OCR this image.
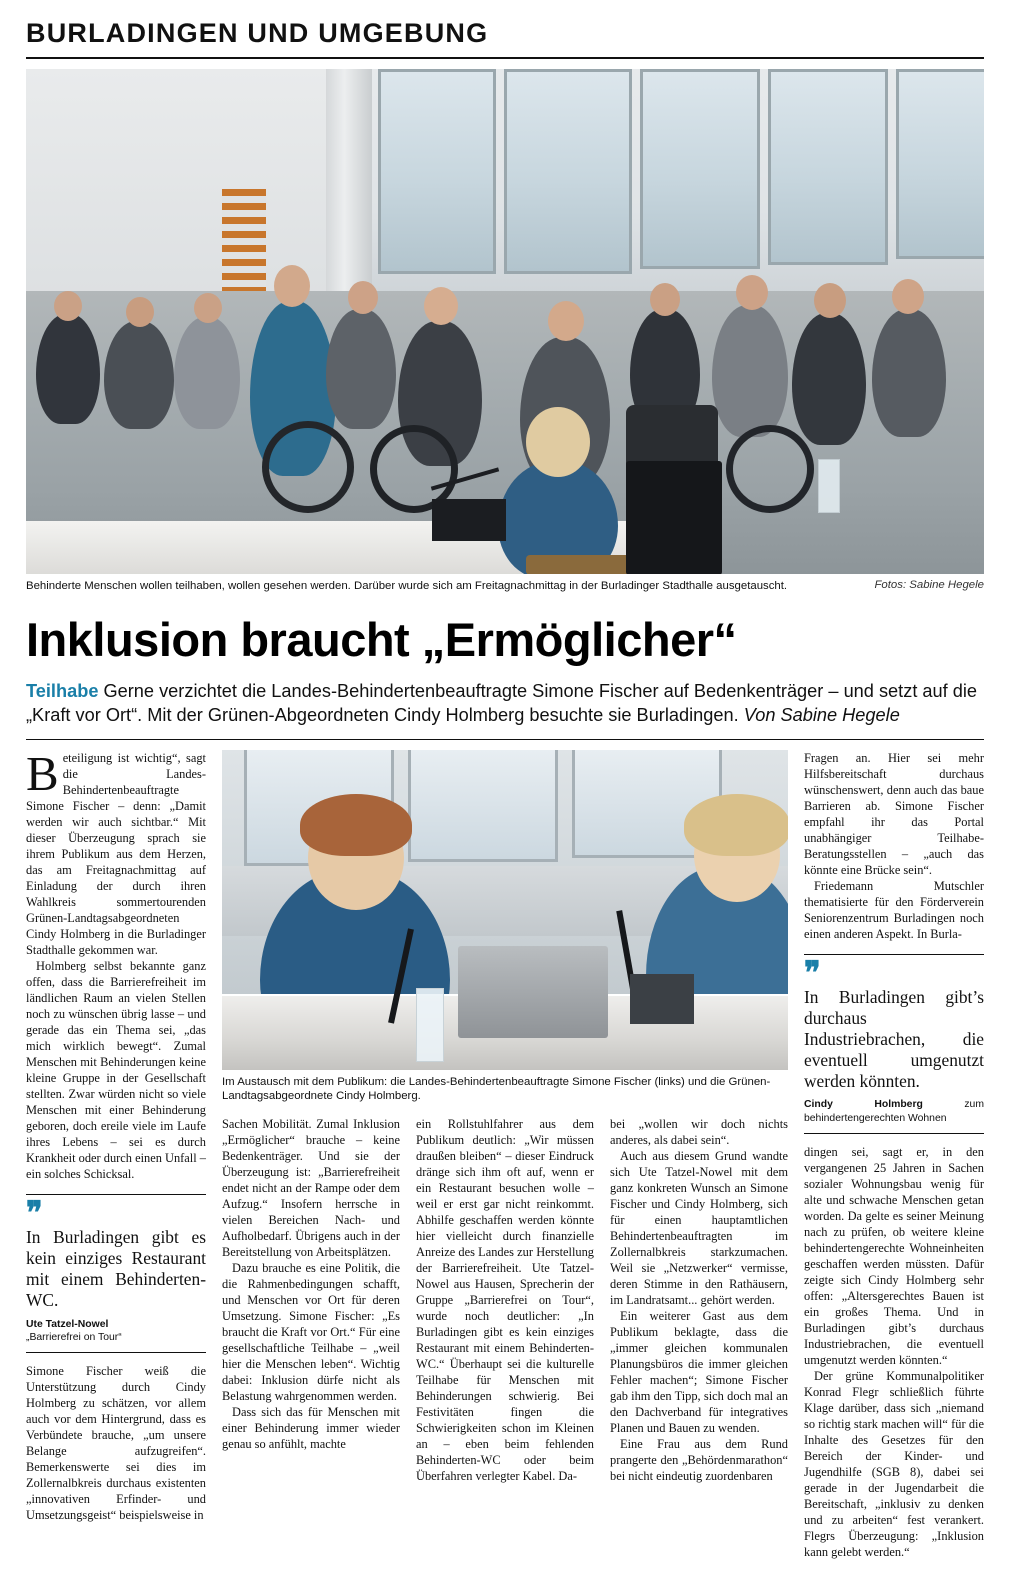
BURLADINGEN UND UMGEBUNG
Behinderte Menschen wollen teilhaben, wollen gesehen werden. Darüber wurde sich am Freitagnachmittag in der Burladinger Stadthalle ausgetauscht.	Fotos: Sabine Hegele
Inklusion braucht „Ermöglicher“
Teilhabe Gerne verzichtet die Landes-Behindertenbeauftragte Simone Fischer auf Bedenkenträger – und setzt auf die „Kraft vor Ort“. Mit der Grünen-Abgeordneten Cindy Holmberg besuchte sie Burladingen. Von Sabine Hegele

Beteiligung ist wichtig“, sagt die Landes-Behindertenbeauftragte Simone Fischer – denn: „Damit werden wir auch sichtbar.“ Mit dieser Überzeugung sprach sie ihrem Publikum aus dem Herzen, das am Freitagnachmittag auf Einladung der durch ihren Wahlkreis sommertourenden Grünen-Landtagsabgeordneten Cindy Holmberg in die Burladinger Stadthalle gekommen war.

Holmberg selbst bekannte ganz offen, dass die Barrierefreiheit im ländlichen Raum an vielen Stellen noch zu wünschen übrig lasse – und gerade das ein Thema sei, „das mich wirklich bewegt“. Zumal Menschen mit Behinderungen keine kleine Gruppe in der Gesellschaft stellten. Zwar würden nicht so viele Menschen mit einer Behinderung geboren, doch ereile viele im Laufe ihres Lebens – sei es durch Krankheit oder durch einen Unfall – ein solches Schicksal.

❞
In Burladingen gibt es kein einziges Restaurant mit einem Behinderten-WC.
Ute Tatzel-Nowel
„Barrierefrei on Tour“

Simone Fischer weiß die Unterstützung durch Cindy Holmberg zu schätzen, vor allem auch vor dem Hintergrund, dass es Verbündete brauche, „um unsere Belange aufzugreifen“. Bemerkenswerte sei dies im Zollernalbkreis durchaus existenten „innovativen Erfinder- und Umsetzungsgeist“ beispielsweise in

Im Austausch mit dem Publikum: die Landes-Behindertenbeauftragte Simone Fischer (links) und die Grünen-Landtagsabgeordnete Cindy Holmberg.

Sachen Mobilität. Zumal Inklusion „Ermöglicher“ brauche – keine Bedenkenträger. Und sie der Überzeugung ist: „Barrierefreiheit endet nicht an der Rampe oder dem Aufzug.“ Insofern herrsche in vielen Bereichen Nach- und Aufholbedarf. Übrigens auch in der Bereitstellung von Arbeitsplätzen.

Dazu brauche es eine Politik, die die Rahmenbedingungen schafft, und Menschen vor Ort für deren Umsetzung. Simone Fischer: „Es braucht die Kraft vor Ort.“ Für eine gesellschaftliche Teilhabe – „weil hier die Menschen leben“. Wichtig dabei: Inklusion dürfe nicht als Belastung wahrgenommen werden.

Dass sich das für Menschen mit einer Behinderung immer wieder genau so anfühlt, machte

ein Rollstuhlfahrer aus dem Publikum deutlich: „Wir müssen draußen bleiben“ – dieser Eindruck dränge sich ihm oft auf, wenn er ein Restaurant besuchen wolle – weil er erst gar nicht reinkommt. Abhilfe geschaffen werden könnte hier vielleicht durch finanzielle Anreize des Landes zur Herstellung der Barrierefreiheit. Ute Tatzel-Nowel aus Hausen, Sprecherin der Gruppe „Barrierefrei on Tour“, wurde noch deutlicher: „In Burladingen gibt es kein einziges Restaurant mit einem Behinderten-WC.“ Überhaupt sei die kulturelle Teilhabe für Menschen mit Behinderungen schwierig. Bei Festivitäten fingen die Schwierigkeiten schon im Kleinen an – eben beim fehlenden Behinderten-WC oder beim Überfahren verlegter Kabel. Da-

bei „wollen wir doch nichts anderes, als dabei sein“.

Auch aus diesem Grund wandte sich Ute Tatzel-Nowel mit dem ganz konkreten Wunsch an Simone Fischer und Cindy Holmberg, sich für einen hauptamtlichen Behindertenbeauftragten im Zollernalbkreis starkzumachen. Weil sie „Netzwerker“ vermisse, deren Stimme in den Rathäusern, im Landratsamt... gehört werden.

Ein weiterer Gast aus dem Publikum beklagte, dass die „immer gleichen kommunalen Planungsbüros die immer gleichen Fehler machen“; Simone Fischer gab ihm den Tipp, sich doch mal an den Dachverband für integratives Planen und Bauen zu wenden.

Eine Frau aus dem Rund prangerte den „Behördenmarathon“ bei nicht eindeutig zuordenbaren

Fragen an. Hier sei mehr Hilfsbereitschaft durchaus wünschenswert, denn auch das baue Barrieren ab. Simone Fischer empfahl ihr das Portal unabhängiger Teilhabe-Beratungsstellen – „auch das könnte eine Brücke sein“.

Friedemann Mutschler thematisierte für den Förderverein Seniorenzentrum Burladingen noch einen anderen Aspekt. In Burla-

❞
In Burladingen gibt’s durchaus Industriebrachen, die eventuell umgenutzt werden könnten.
Cindy Holmberg zum behindertengerechten Wohnen

dingen sei, sagt er, in den vergangenen 25 Jahren in Sachen sozialer Wohnungsbau wenig für alte und schwache Menschen getan worden. Da gelte es seiner Meinung nach zu prüfen, ob weitere kleine behindertengerechte Wohneinheiten geschaffen werden müssten. Dafür zeigte sich Cindy Holmberg sehr offen: „Altersgerechtes Bauen ist ein großes Thema. Und in Burladingen gibt’s durchaus Industriebrachen, die eventuell umgenutzt werden könnten.“

Der grüne Kommunalpolitiker Konrad Flegr schließlich führte Klage darüber, dass sich „niemand so richtig stark machen will“ für die Inhalte des Gesetzes für den Bereich der Kinder- und Jugendhilfe (SGB 8), dabei sei gerade in der Jugendarbeit die Bereitschaft, „inklusiv zu denken und zu arbeiten“ fest verankert. Flegrs Überzeugung: „Inklusion kann gelebt werden.“
